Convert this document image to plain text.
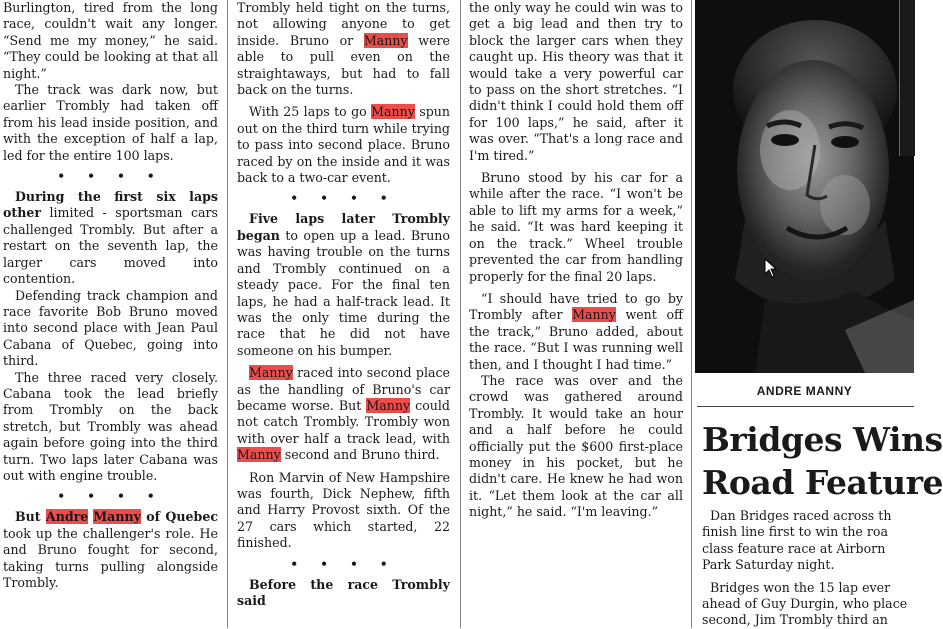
Burlington, tired from the long race, couldn't wait any longer. “Send me my money,” he said. “They could be looking at that all night.”

The track was dark now, but earlier Trombly had taken off from his lead inside position, and with the exception of half a lap, led for the entire 100 laps.

• • • •

During the first six laps other limited - sportsman cars challenged Trombly. But after a restart on the seventh lap, the larger cars moved into contention.

Defending track champion and race favorite Bob Bruno moved into second place with Jean Paul Cabana of Quebec, going into third.

The three raced very closely. Cabana took the lead briefly from Trombly on the back stretch, but Trombly was ahead again before going into the third turn. Two laps later Cabana was out with engine trouble.

• • • •

But Andre Manny of Quebec took up the challenger's role. He and Bruno fought for second, taking turns pulling alongside Trombly.

Trombly held tight on the turns, not allowing anyone to get inside. Bruno or Manny were able to pull even on the straightaways, but had to fall back on the turns.

With 25 laps to go Manny spun out on the third turn while trying to pass into second place. Bruno raced by on the inside and it was back to a two-car event.

• • • •

Five laps later Trombly began to open up a lead. Bruno was having trouble on the turns and Trombly continued on a steady pace. For the final ten laps, he had a half-track lead. It was the only time during the race that he did not have someone on his bumper.

Manny raced into second place as the handling of Bruno's car became worse. But Manny could not catch Trombly. Trombly won with over half a track lead, with Manny second and Bruno third.

Ron Marvin of New Hampshire was fourth, Dick Nephew, fifth and Harry Provost sixth. Of the 27 cars which started, 22 finished.

• • • •

Before the race Trombly said

the only way he could win was to get a big lead and then try to block the larger cars when they caught up. His theory was that it would take a very powerful car to pass on the short stretches. “I didn't think I could hold them off for 100 laps,” he said, after it was over. “That's a long race and I'm tired.”

Bruno stood by his car for a while after the race. “I won't be able to lift my arms for a week,” he said. “It was hard keeping it on the track.” Wheel trouble prevented the car from handling properly for the final 20 laps.

“I should have tried to go by Trombly after Manny went off the track,” Bruno added, about the race. “But I was running well then, and I thought I had time.”

The race was over and the crowd was gathered around Trombly. It would take an hour and a half before he could officially put the $600 first-place money in his pocket, but he didn't care. He knew he had won it. “Let them look at the car all night,” he said. “I'm leaving.”

ANDRE MANNY
Bridges Wins
Road Feature

Dan Bridges raced across th

finish line first to win the roa

class feature race at Airborn

Park Saturday night.

Bridges won the 15 lap ever

ahead of Guy Durgin, who place

second, Jim Trombly third an
